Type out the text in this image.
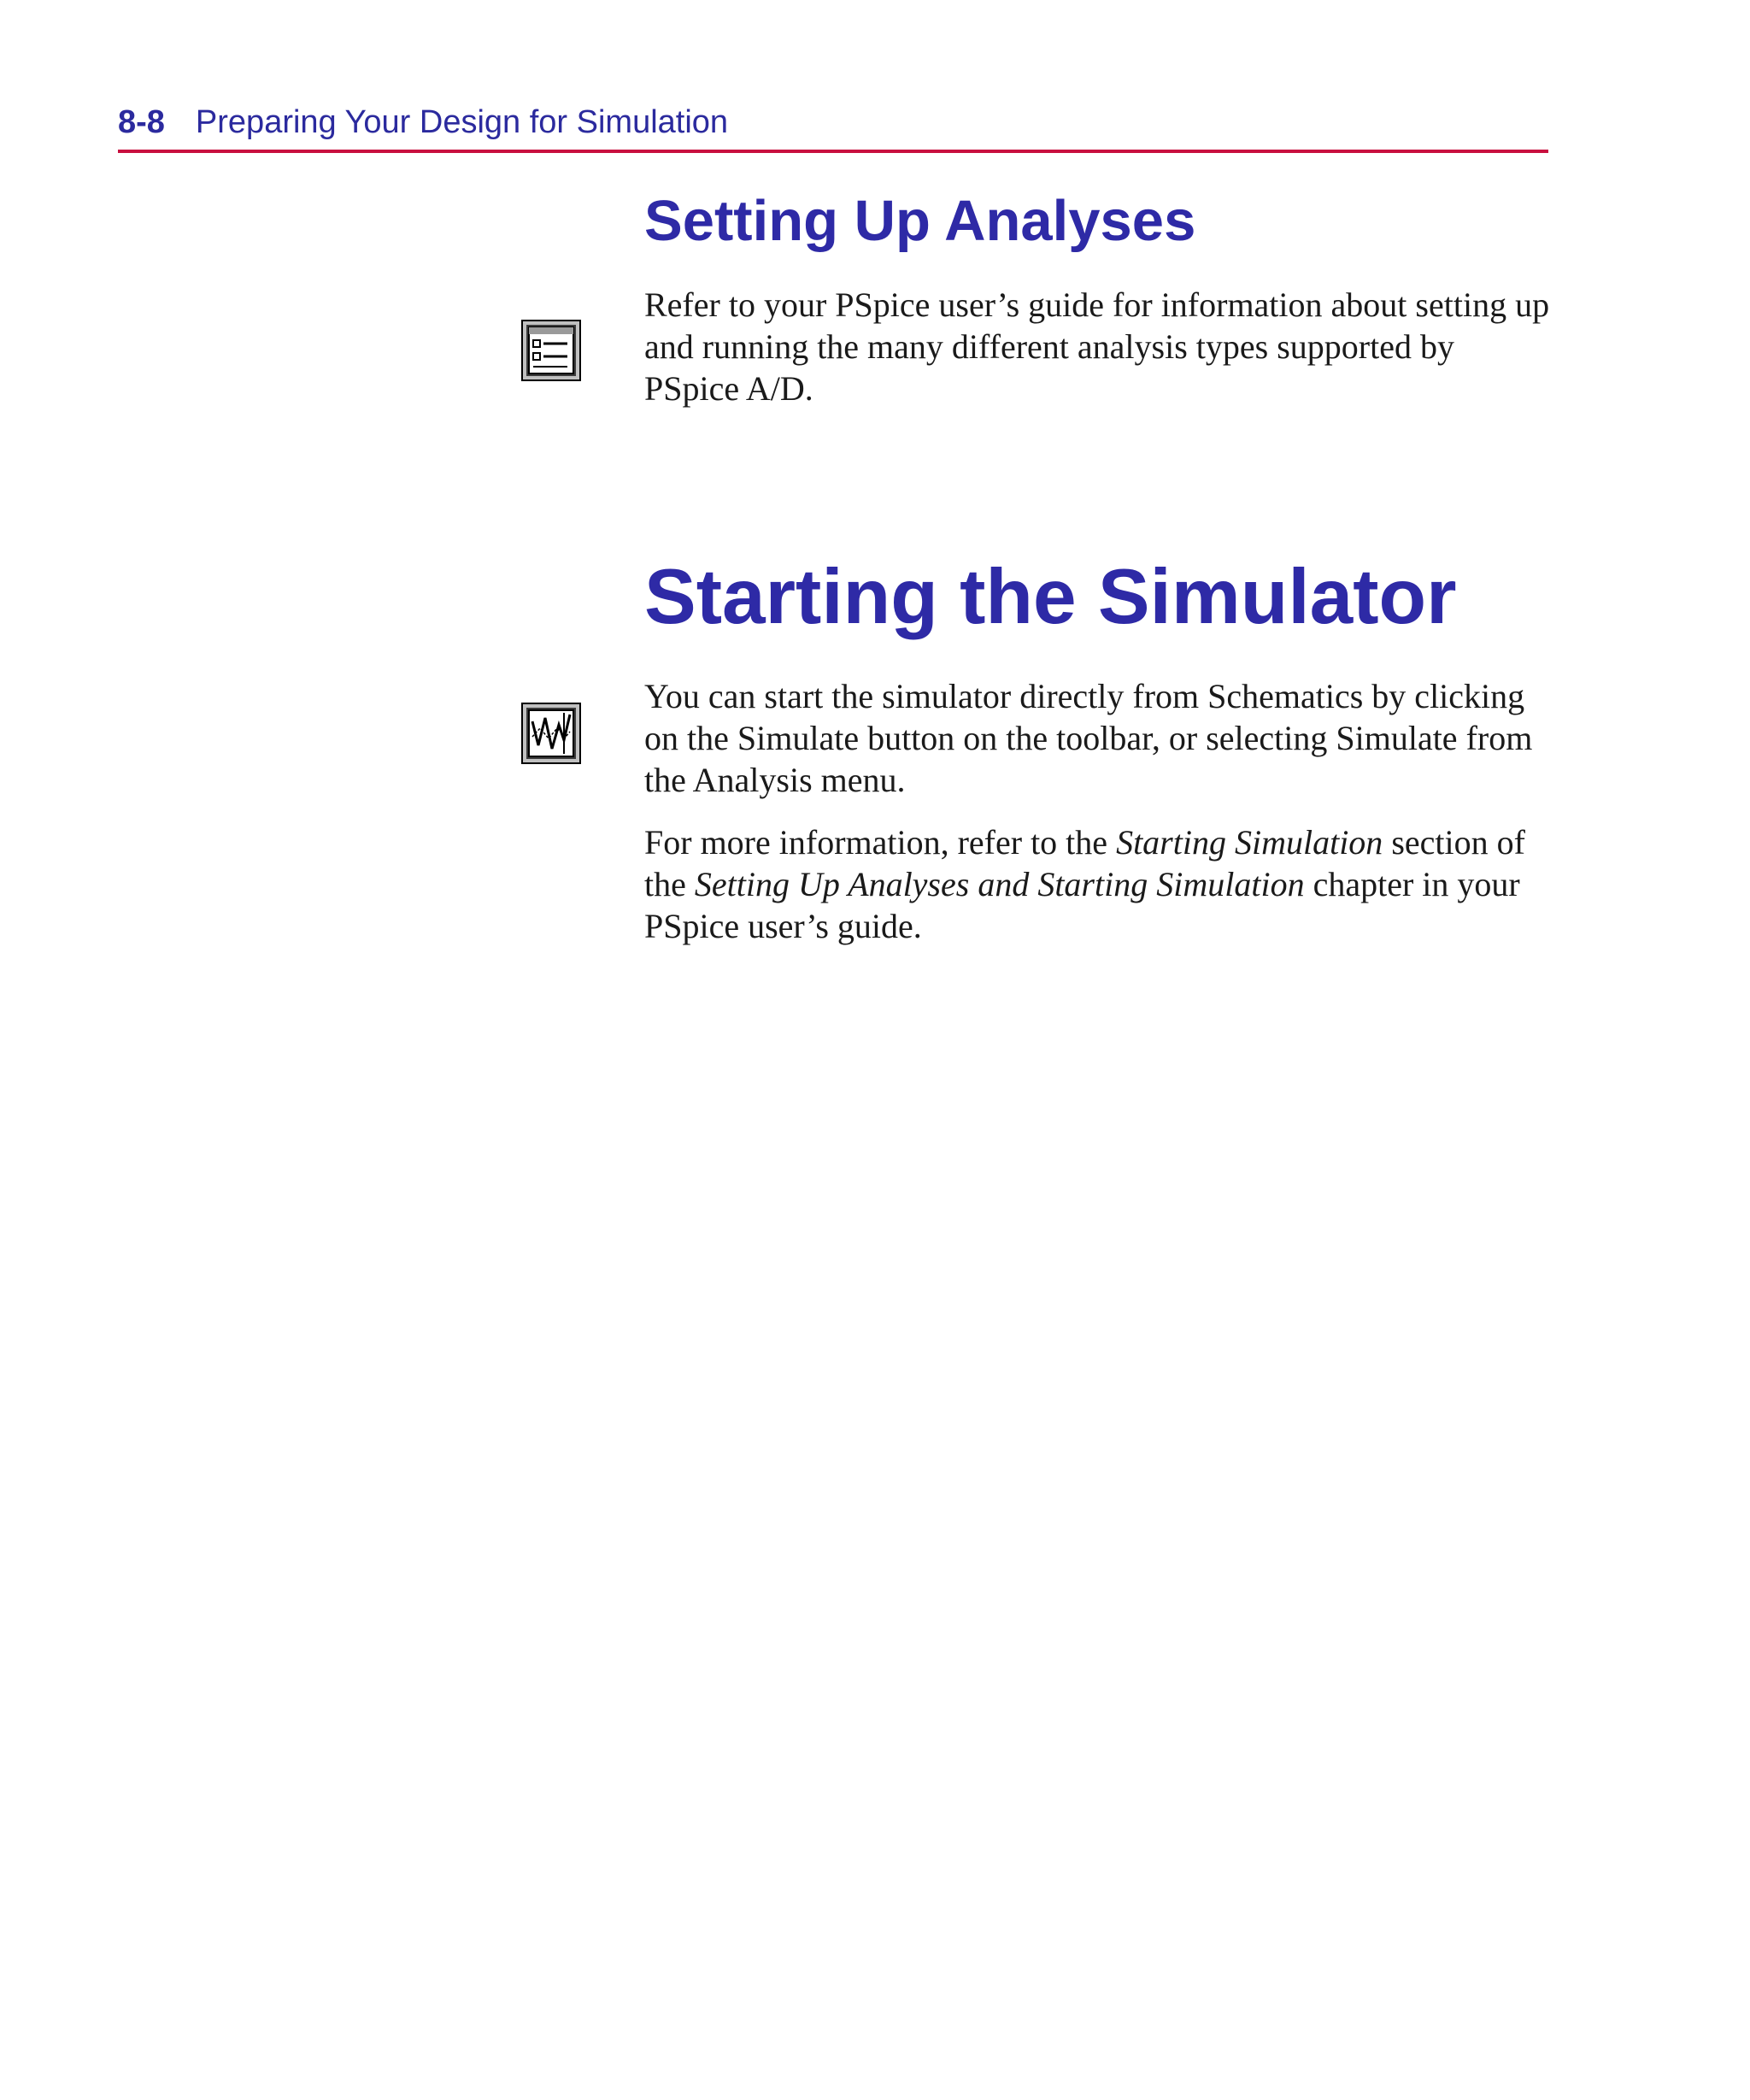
8-8 Preparing Your Design for Simulation
Setting Up Analyses
Refer to your PSpice user’s guide for information about setting up and running the many different analysis types supported by PSpice A/D.
Starting the Simulator
You can start the simulator directly from Schematics by clicking on the Simulate button on the toolbar, or selecting Simulate from the Analysis menu.
For more information, refer to the Starting Simulation section of the Setting Up Analyses and Starting Simulation chapter in your PSpice user’s guide.
